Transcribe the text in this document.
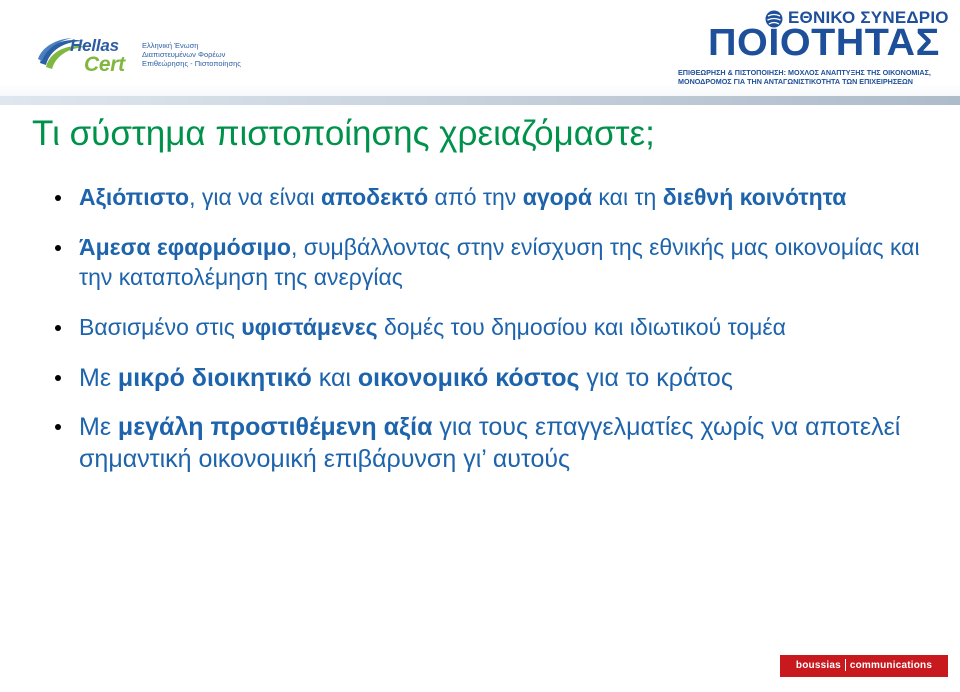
Hellas
Cert
Ελληνική Ένωση
Διαπιστευμένων Φορέων
Επιθεώρησης - Πιστοποίησης
ΕΘΝΙΚΟ ΣΥΝΕΔΡΙΟ
ΠΟΙΟΤΗΤΑΣ
ΕΠΙΘΕΩΡΗΣΗ & ΠΙΣΤΟΠΟΙΗΣΗ: ΜΟΧΛΟΣ ΑΝΑΠΤΥΞΗΣ ΤΗΣ ΟΙΚΟΝΟΜΙΑΣ,
ΜΟΝΟΔΡΟΜΟΣ ΓΙΑ ΤΗΝ ΑΝΤΑΓΩΝΙΣΤΙΚΟΤΗΤΑ ΤΩΝ ΕΠΙΧΕΙΡΗΣΕΩΝ
Τι σύστημα πιστοποίησης χρειαζόμαστε;
Αξιόπιστο, για να είναι αποδεκτό από την αγορά και τη διεθνή κοινότητα
Άμεσα εφαρμόσιμο, συμβάλλοντας στην ενίσχυση της εθνικής μας οικονομίας και την καταπολέμηση της ανεργίας
Βασισμένο στις υφιστάμενες δομές του δημοσίου και ιδιωτικού τομέα
Με μικρό διοικητικό και οικονομικό κόστος για το κράτος
Με μεγάλη προστιθέμενη αξία για τους επαγγελματίες χωρίς να αποτελεί σημαντική οικονομική επιβάρυνση γι’ αυτούς
boussias communications
